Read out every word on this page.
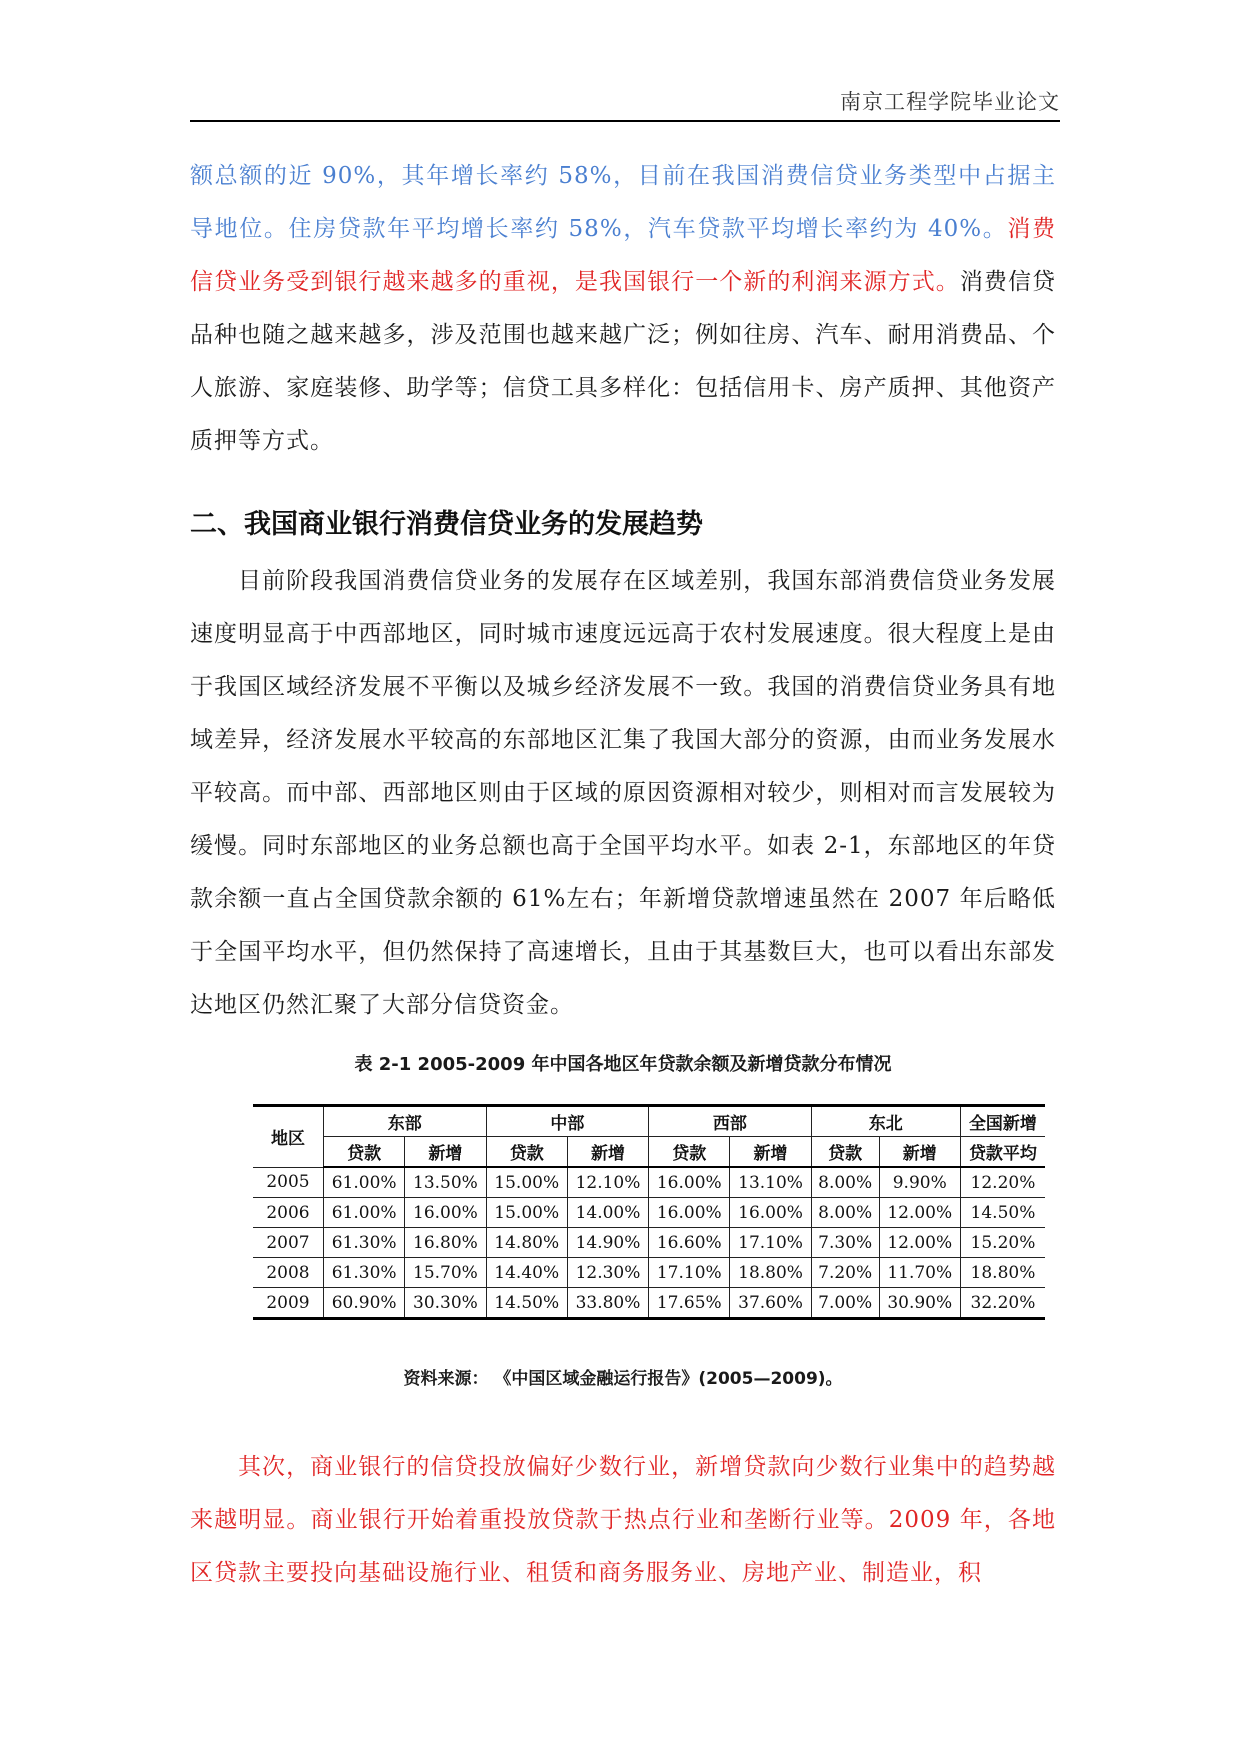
南京工程学院毕业论文

额总额的近 90%，其年增长率约 58%，目前在我国消费信贷业务类型中占据主导地位。住房贷款年平均增长率约 58%，汽车贷款平均增长率约为 40%。消费信贷业务受到银行越来越多的重视，是我国银行一个新的利润来源方式。消费信贷品种也随之越来越多，涉及范围也越来越广泛；例如往房、汽车、耐用消费品、个人旅游、家庭装修、助学等；信贷工具多样化：包括信用卡、房产质押、其他资产质押等方式。

二、我国商业银行消费信贷业务的发展趋势

目前阶段我国消费信贷业务的发展存在区域差别，我国东部消费信贷业务发展速度明显高于中西部地区，同时城市速度远远高于农村发展速度。很大程度上是由于我国区域经济发展不平衡以及城乡经济发展不一致。我国的消费信贷业务具有地域差异，经济发展水平较高的东部地区汇集了我国大部分的资源，由而业务发展水平较高。而中部、西部地区则由于区域的原因资源相对较少，则相对而言发展较为缓慢。同时东部地区的业务总额也高于全国平均水平。如表 2-1，东部地区的年贷款余额一直占全国贷款余额的 61%左右；年新增贷款增速虽然在 2007 年后略低于全国平均水平，但仍然保持了高速增长，且由于其基数巨大，也可以看出东部发达地区仍然汇聚了大部分信贷资金。

表 2-1 2005-2009 年中国各地区年贷款余额及新增贷款分布情况
地区	东部		中部		西部		东北		全国新增
	贷款	新增	贷款	新增	贷款	新增	贷款	新增	贷款平均
2005	61.00%	13.50%	15.00%	12.10%	16.00%	13.10%	8.00%	9.90%	12.20%
2006	61.00%	16.00%	15.00%	14.00%	16.00%	16.00%	8.00%	12.00%	14.50%
2007	61.30%	16.80%	14.80%	14.90%	16.60%	17.10%	7.30%	12.00%	15.20%
2008	61.30%	15.70%	14.40%	12.30%	17.10%	18.80%	7.20%	11.70%	18.80%
2009	60.90%	30.30%	14.50%	33.80%	17.65%	37.60%	7.00%	30.90%	32.20%
资料来源： 《中国区域金融运行报告》(2005—2009)。

其次，商业银行的信贷投放偏好少数行业，新增贷款向少数行业集中的趋势越来越明显。商业银行开始着重投放贷款于热点行业和垄断行业等。2009 年，各地区贷款主要投向基础设施行业、租赁和商务服务业、房地产业、制造业，积
